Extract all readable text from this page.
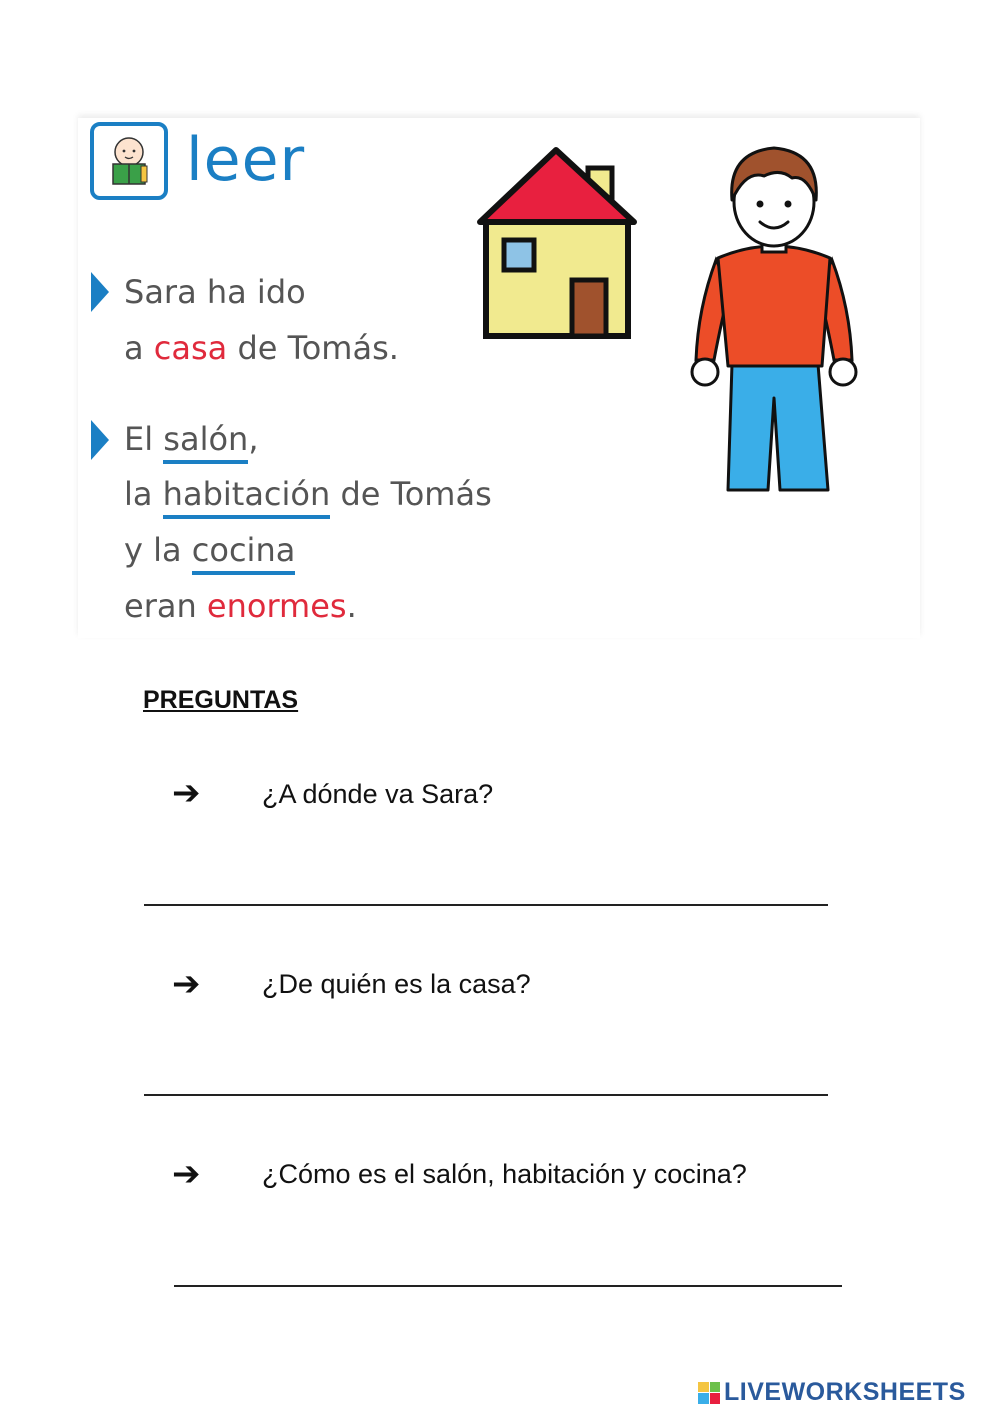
leer
Sara ha ido
a casa de Tomás.
El salón,
la habitación de Tomás
y la cocina
eran enormes.
PREGUNTAS
➔ ¿A dónde va Sara?
➔ ¿De quién es la casa?
➔ ¿Cómo es el salón, habitación y cocina?
LIVEWORKSHEETS
